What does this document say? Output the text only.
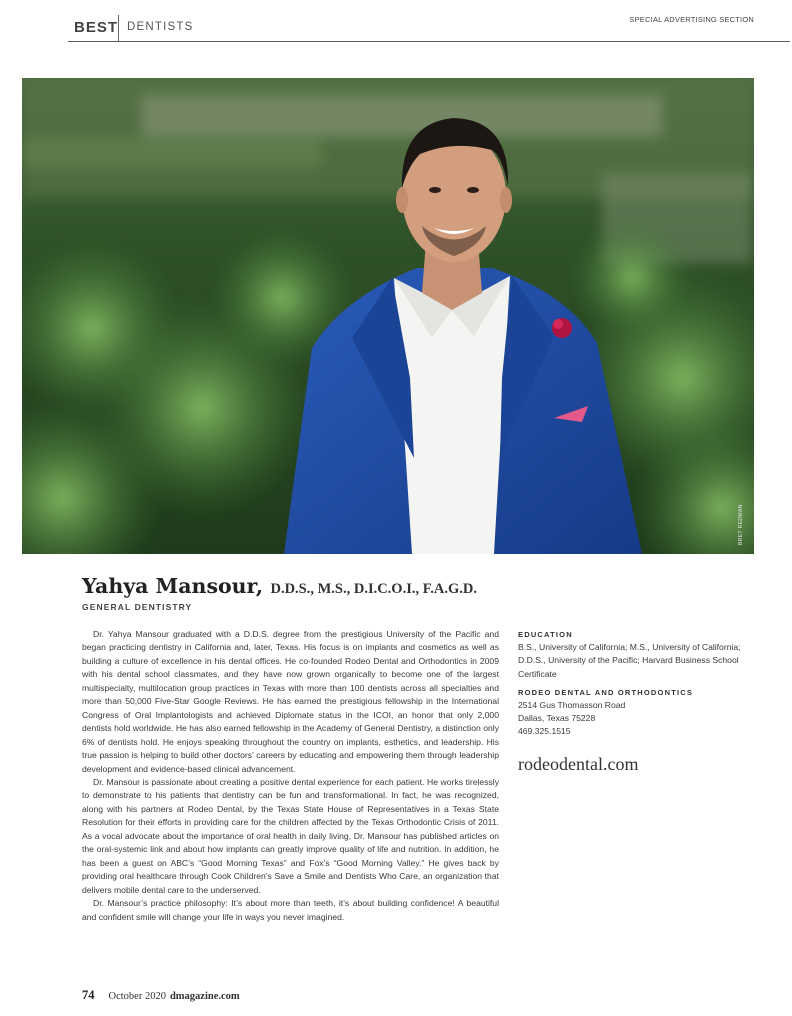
BEST DENTISTS
SPECIAL ADVERTISING SECTION
BRET REDMAN
Yahya Mansour, D.D.S., M.S., D.I.C.O.I., F.A.G.D.
GENERAL DENTISTRY

Dr. Yahya Mansour graduated with a D.D.S. degree from the prestigious University of the Pacific and began practicing dentistry in California and, later, Texas. His focus is on implants and cosmetics as well as building a culture of excellence in his dental offices. He co-founded Rodeo Dental and Orthodontics in 2009 with his dental school classmates, and they have now grown organically to become one of the largest multispecialty, multilocation group practices in Texas with more than 100 dentists across all specialties and more than 50,000 Five-Star Google Reviews. He has earned the prestigious fellowship in the International Congress of Oral Implantologists and achieved Diplomate status in the ICOI, an honor that only 2,000 dentists hold worldwide. He has also earned fellowship in the Academy of General Dentistry, a distinction only 6% of dentists hold. He enjoys speaking throughout the country on implants, esthetics, and leadership. His true passion is helping to build other doctors’ careers by educating and empowering them through leadership development and evidence-based clinical advancement.

Dr. Mansour is passionate about creating a positive dental experience for each patient. He works tirelessly to demonstrate to his patients that dentistry can be fun and transformational. In fact, he was recognized, along with his partners at Rodeo Dental, by the Texas State House of Representatives in a Texas State Resolution for their efforts in providing care for the children affected by the Texas Orthodontic Crisis of 2011. As a vocal advocate about the importance of oral health in daily living, Dr. Mansour has published articles on the oral-systemic link and about how implants can greatly improve quality of life and nutrition. In addition, he has been a guest on ABC’s “Good Morning Texas” and Fox’s “Good Morning Valley.” He gives back by providing oral healthcare through Cook Children’s Save a Smile and Dentists Who Care, an organization that delivers mobile dental care to the underserved.

Dr. Mansour’s practice philosophy: It’s about more than teeth, it’s about building confidence! A beautiful and confident smile will change your life in ways you never imagined.

EDUCATION
B.S., University of California; M.S., University of California; D.D.S., University of the Pacific; Harvard Business School Certificate
RODEO DENTAL AND ORTHODONTICS
2514 Gus Thomasson Road
Dallas, Texas 75228
469.325.1515
rodeodental.com
74 October 2020 dmagazine.com
